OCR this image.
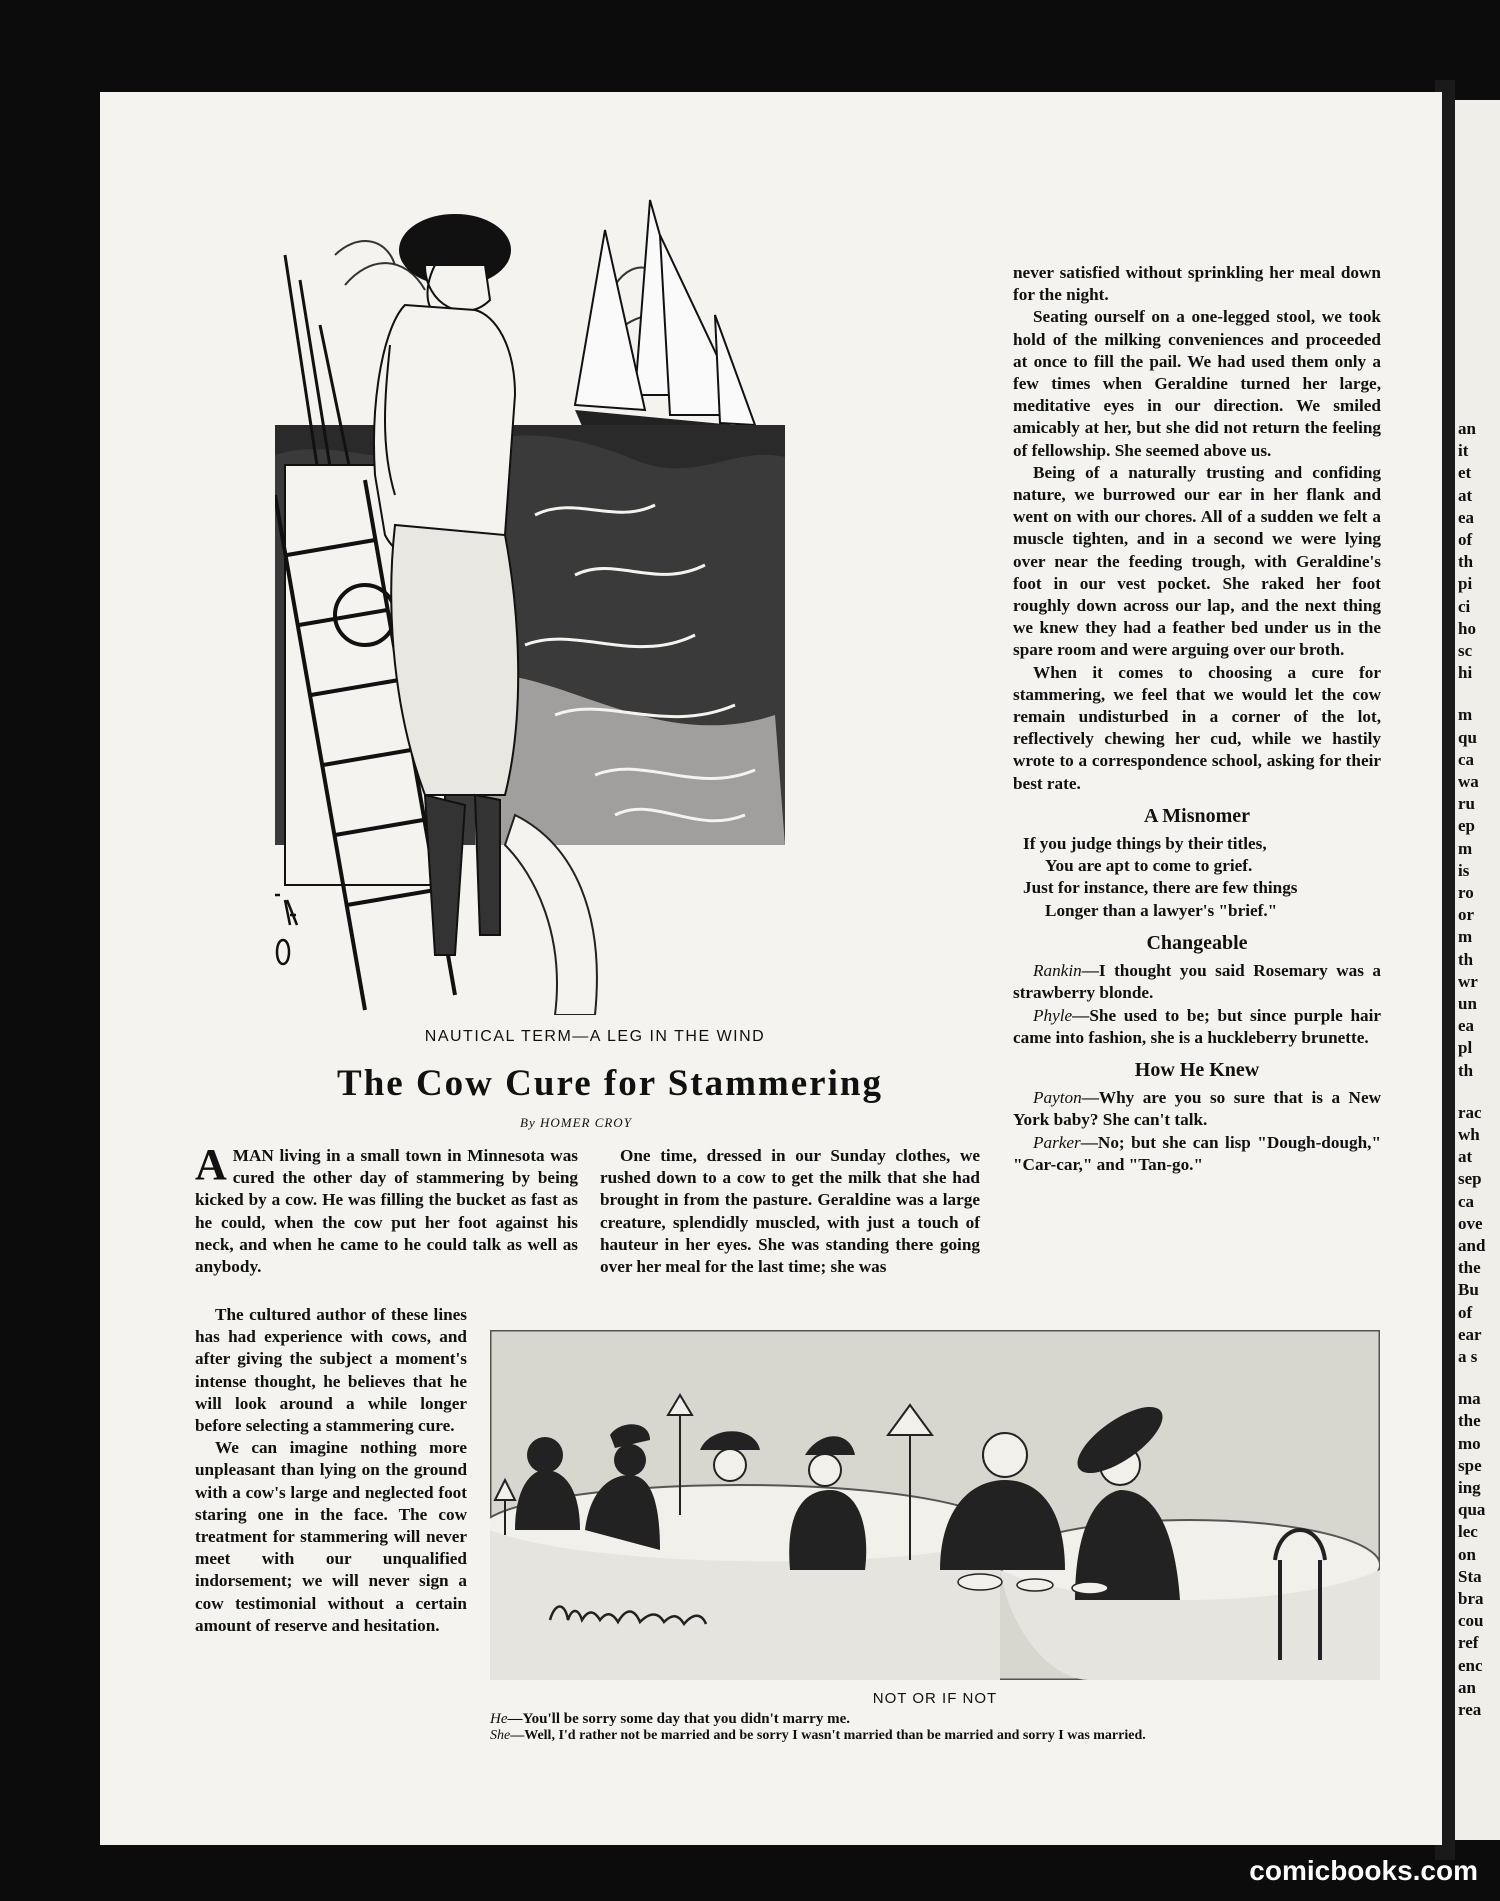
NAUTICAL TERM—A LEG IN THE WIND
The Cow Cure for Stammering
By HOMER CROY

AMAN living in a small town in Minnesota was cured the other day of stammering by being kicked by a cow. He was filling the bucket as fast as he could, when the cow put her foot against his neck, and when he came to he could talk as well as anybody.

The cultured author of these lines has had experience with cows, and after giving the subject a moment's intense thought, he believes that he will look around a while longer before selecting a stammering cure.

We can imagine nothing more unpleasant than lying on the ground with a cow's large and neglected foot staring one in the face. The cow treatment for stammering will never meet with our unqualified indorsement; we will never sign a cow testimonial without a certain amount of reserve and hesitation.

One time, dressed in our Sunday clothes, we rushed down to a cow to get the milk that she had brought in from the pasture. Geraldine was a large creature, splendidly muscled, with just a touch of hauteur in her eyes. She was standing there going over her meal for the last time; she was

never satisfied without sprinkling her meal down for the night.

Seating ourself on a one-legged stool, we took hold of the milking conveniences and proceeded at once to fill the pail. We had used them only a few times when Geraldine turned her large, meditative eyes in our direction. We smiled amicably at her, but she did not return the feeling of fellowship. She seemed above us.

Being of a naturally trusting and confiding nature, we burrowed our ear in her flank and went on with our chores. All of a sudden we felt a muscle tighten, and in a second we were lying over near the feeding trough, with Geraldine's foot in our vest pocket. She raked her foot roughly down across our lap, and the next thing we knew they had a feather bed under us in the spare room and were arguing over our broth.

When it comes to choosing a cure for stammering, we feel that we would let the cow remain undisturbed in a corner of the lot, reflectively chewing her cud, while we hastily wrote to a correspondence school, asking for their best rate.

A Misnomer
If you judge things by their titles,
You are apt to come to grief.
Just for instance, there are few things
Longer than a lawyer's "brief."
Changeable

Rankin—I thought you said Rosemary was a strawberry blonde.

Phyle—She used to be; but since purple hair came into fashion, she is a huckleberry brunette.

How He Knew

Payton—Why are you so sure that is a New York baby? She can't talk.

Parker—No; but she can lisp "Dough-dough," "Car-car," and "Tan-go."

NOT OR IF NOT
He—You'll be sorry some day that you didn't marry me.
She—Well, I'd rather not be married and be sorry I wasn't married than be married and sorry I was married.
an
it
et
at
ea
of
th
pi
ci
ho
sc
hi
m
qu
ca
wa
ru
ep
m
is
ro
or
m
th
wr
un
ea
pl
th
rac
wh
at
sep
ca
ove
and
the
Bu
of
ear
a s
ma
the
mo
spe
ing
qua
lec
on
Sta
bra
cou
ref
enc
an
rea
comicbooks.com
